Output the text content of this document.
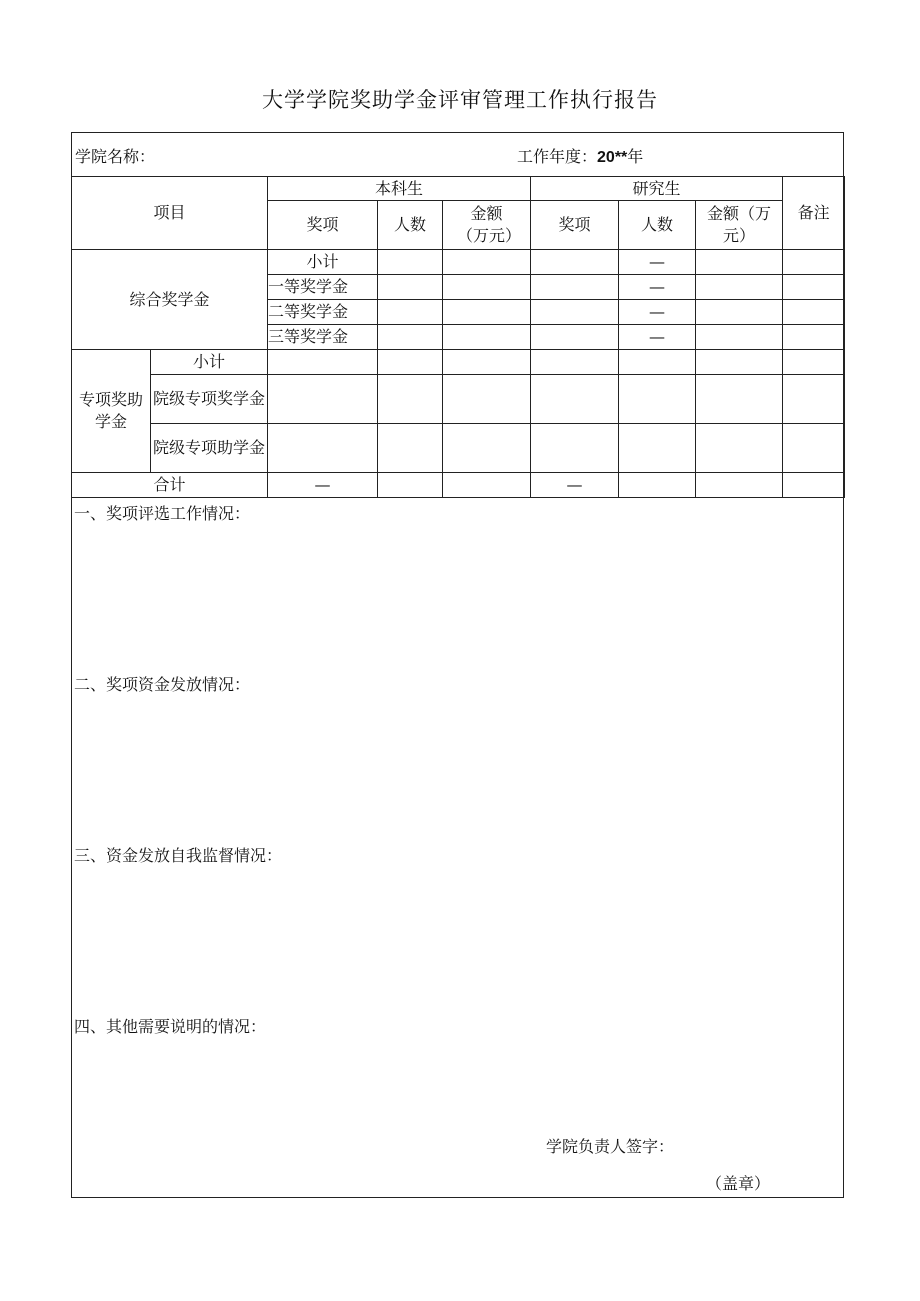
大学学院奖助学金评审管理工作执行报告
学院名称：	工作年度：20**年
项目		本科生			研究生			备注
		奖项	人数	金额（万元）	奖项	人数	金额（万元）	
综合奖学金		小计				—		
		一等奖学金				—		
		二等奖学金				—		
		三等奖学金				—		
专项奖助学金	小计							
	院级专项奖学金							
	院级专项助学金							
合计		—			—			
一、奖项评选工作情况：
二、奖项资金发放情况：
三、资金发放自我监督情况：
四、其他需要说明的情况：
学院负责人签字：
（盖章）
